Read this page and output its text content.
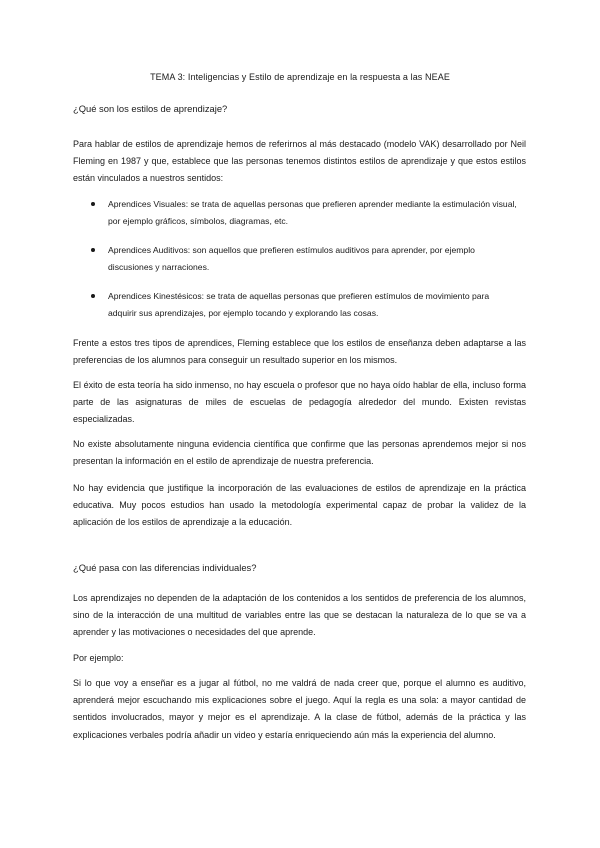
TEMA 3: Inteligencias y Estilo de aprendizaje en la respuesta a las NEAE
¿Qué son los estilos de aprendizaje?
Para hablar de estilos de aprendizaje hemos de referirnos al más destacado (modelo VAK) desarrollado por Neil Fleming en 1987 y que, establece que las personas tenemos distintos estilos de aprendizaje y que estos estilos están vinculados a nuestros sentidos:
Aprendices Visuales: se trata de aquellas personas que prefieren aprender mediante la estimulación visual, por ejemplo gráficos, símbolos, diagramas, etc.
Aprendices Auditivos: son aquellos que prefieren estímulos auditivos para aprender, por ejemplo discusiones y narraciones.
Aprendices Kinestésicos: se trata de aquellas personas que prefieren estímulos de movimiento para adquirir sus aprendizajes, por ejemplo tocando y explorando las cosas.
Frente a estos tres tipos de aprendices, Fleming establece que los estilos de enseñanza deben adaptarse a las preferencias de los alumnos para conseguir un resultado superior en los mismos.
El éxito de esta teoría ha sido inmenso, no hay escuela o profesor que no haya oído hablar de ella, incluso forma parte de las asignaturas de miles de escuelas de pedagogía alrededor del mundo. Existen revistas especializadas.
No existe absolutamente ninguna evidencia científica que confirme que las personas aprendemos mejor si nos presentan la información en el estilo de aprendizaje de nuestra preferencia.
No hay evidencia que justifique la incorporación de las evaluaciones de estilos de aprendizaje en la práctica educativa. Muy pocos estudios han usado la metodología experimental capaz de probar la validez de la aplicación de los estilos de aprendizaje a la educación.
¿Qué pasa con las diferencias individuales?
Los aprendizajes no dependen de la adaptación de los contenidos a los sentidos de preferencia de los alumnos, sino de la interacción de una multitud de variables entre las que se destacan la naturaleza de lo que se va a aprender y las motivaciones o necesidades del que aprende.
Por ejemplo:
Si lo que voy a enseñar es a jugar al fútbol, no me valdrá de nada creer que, porque el alumno es auditivo, aprenderá mejor escuchando mis explicaciones sobre el juego. Aquí la regla es una sola: a mayor cantidad de sentidos involucrados, mayor y mejor es el aprendizaje. A la clase de fútbol, además de la práctica y las explicaciones verbales podría añadir un video y estaría enriqueciendo aún más la experiencia del alumno.
